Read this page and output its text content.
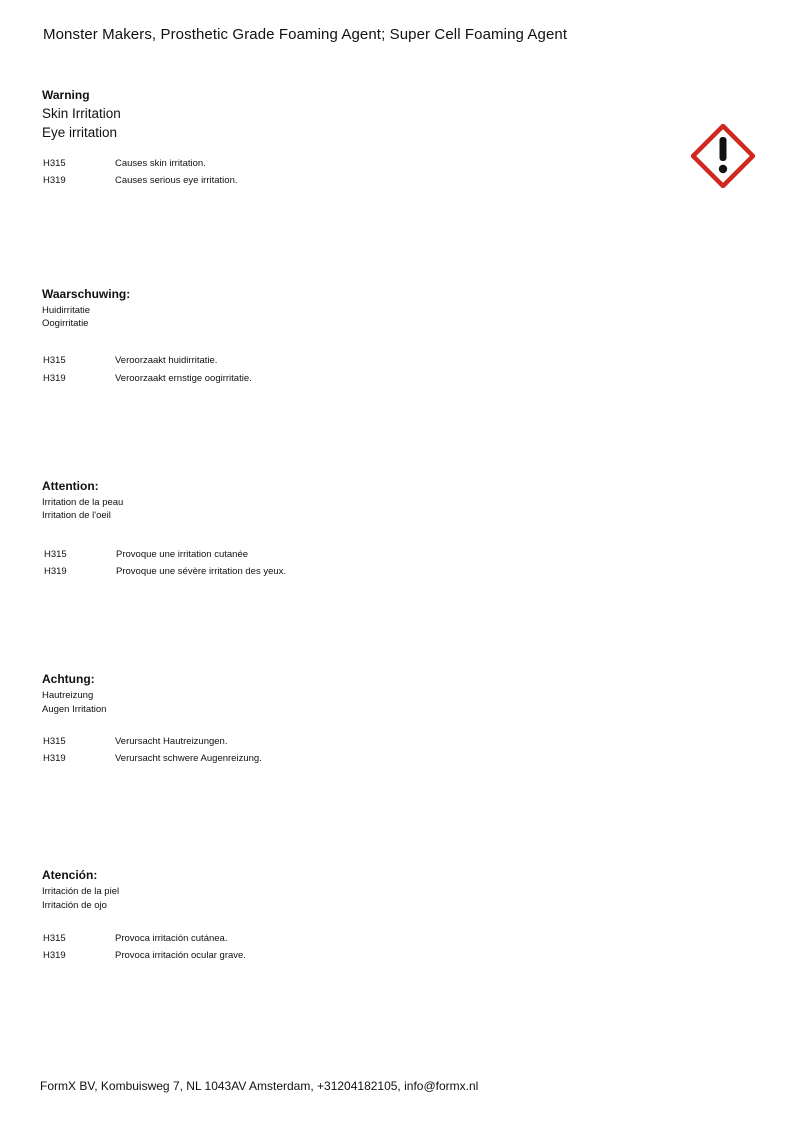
Monster Makers, Prosthetic Grade Foaming Agent; Super Cell Foaming Agent
Warning
Skin Irritation
Eye irritation
H315	Causes skin irritation.
H319	Causes serious eye irritation.
Waarschuwing:
Huidirritatie
Oogirritatie
H315	Veroorzaakt huidirritatie.
H319	Veroorzaakt ernstige oogirritatie.
Attention:
Irritation de la peau
Irritation de l'oeil
H315	Provoque une irritation cutanée
H319	Provoque une sévère irritation des yeux.
Achtung:
Hautreizung
Augen Irritation
H315	Verursacht Hautreizungen.
H319	Verursacht schwere Augenreizung.
Atención:
Irritación de la piel
Irritación de ojo
H315	Provoca irritación cutánea.
H319	Provoca irritación ocular grave.
FormX BV, Kombuisweg 7, NL 1043AV Amsterdam, +31204182105, info@formx.nl
